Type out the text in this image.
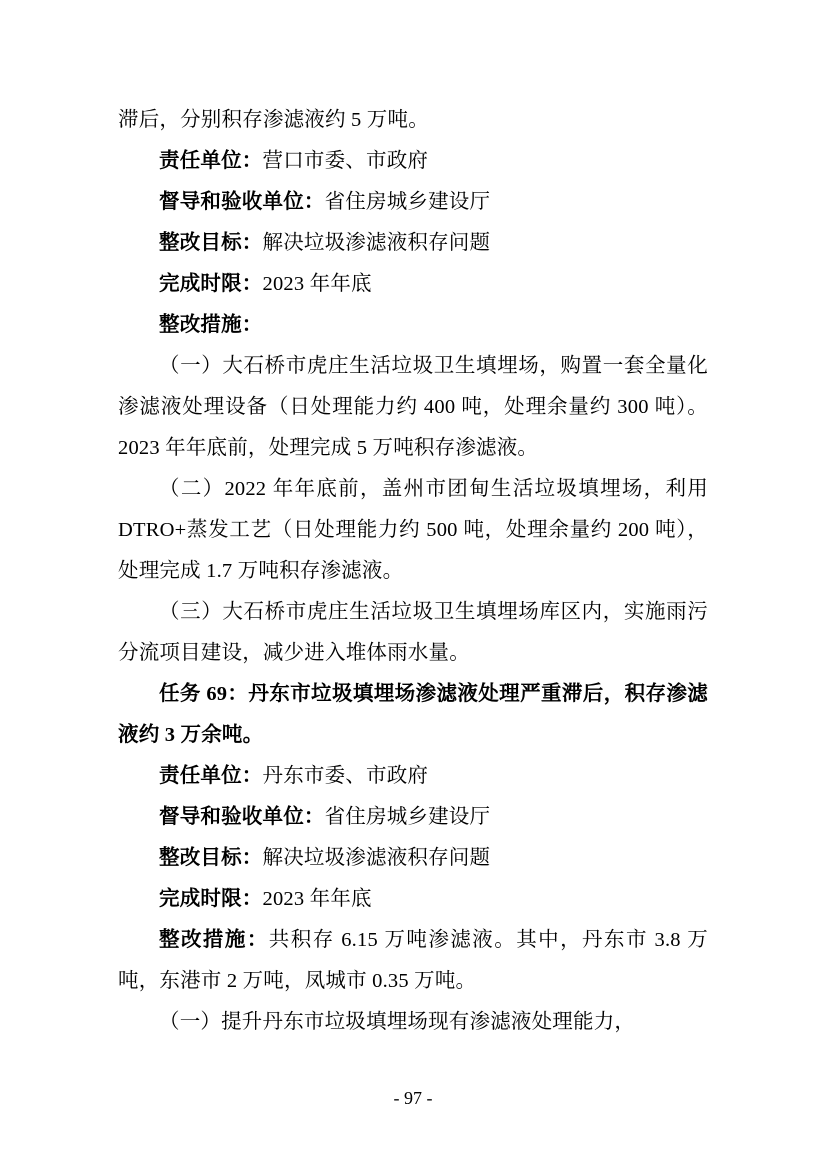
滞后，分别积存渗滤液约 5 万吨。

责任单位：营口市委、市政府

督导和验收单位：省住房城乡建设厅

整改目标：解决垃圾渗滤液积存问题

完成时限：2023 年年底

整改措施：

（一）大石桥市虎庄生活垃圾卫生填埋场，购置一套全量化渗滤液处理设备（日处理能力约 400 吨，处理余量约 300 吨）。2023 年年底前，处理完成 5 万吨积存渗滤液。

（二）2022 年年底前，盖州市团甸生活垃圾填埋场，利用 DTRO+蒸发工艺（日处理能力约 500 吨，处理余量约 200 吨），处理完成 1.7 万吨积存渗滤液。

（三）大石桥市虎庄生活垃圾卫生填埋场库区内，实施雨污分流项目建设，减少进入堆体雨水量。

任务 69：丹东市垃圾填埋场渗滤液处理严重滞后，积存渗滤液约 3 万余吨。

责任单位：丹东市委、市政府

督导和验收单位：省住房城乡建设厅

整改目标：解决垃圾渗滤液积存问题

完成时限：2023 年年底

整改措施：共积存 6.15 万吨渗滤液。其中，丹东市 3.8 万吨，东港市 2 万吨，凤城市 0.35 万吨。

（一）提升丹东市垃圾填埋场现有渗滤液处理能力，

- 97 -
